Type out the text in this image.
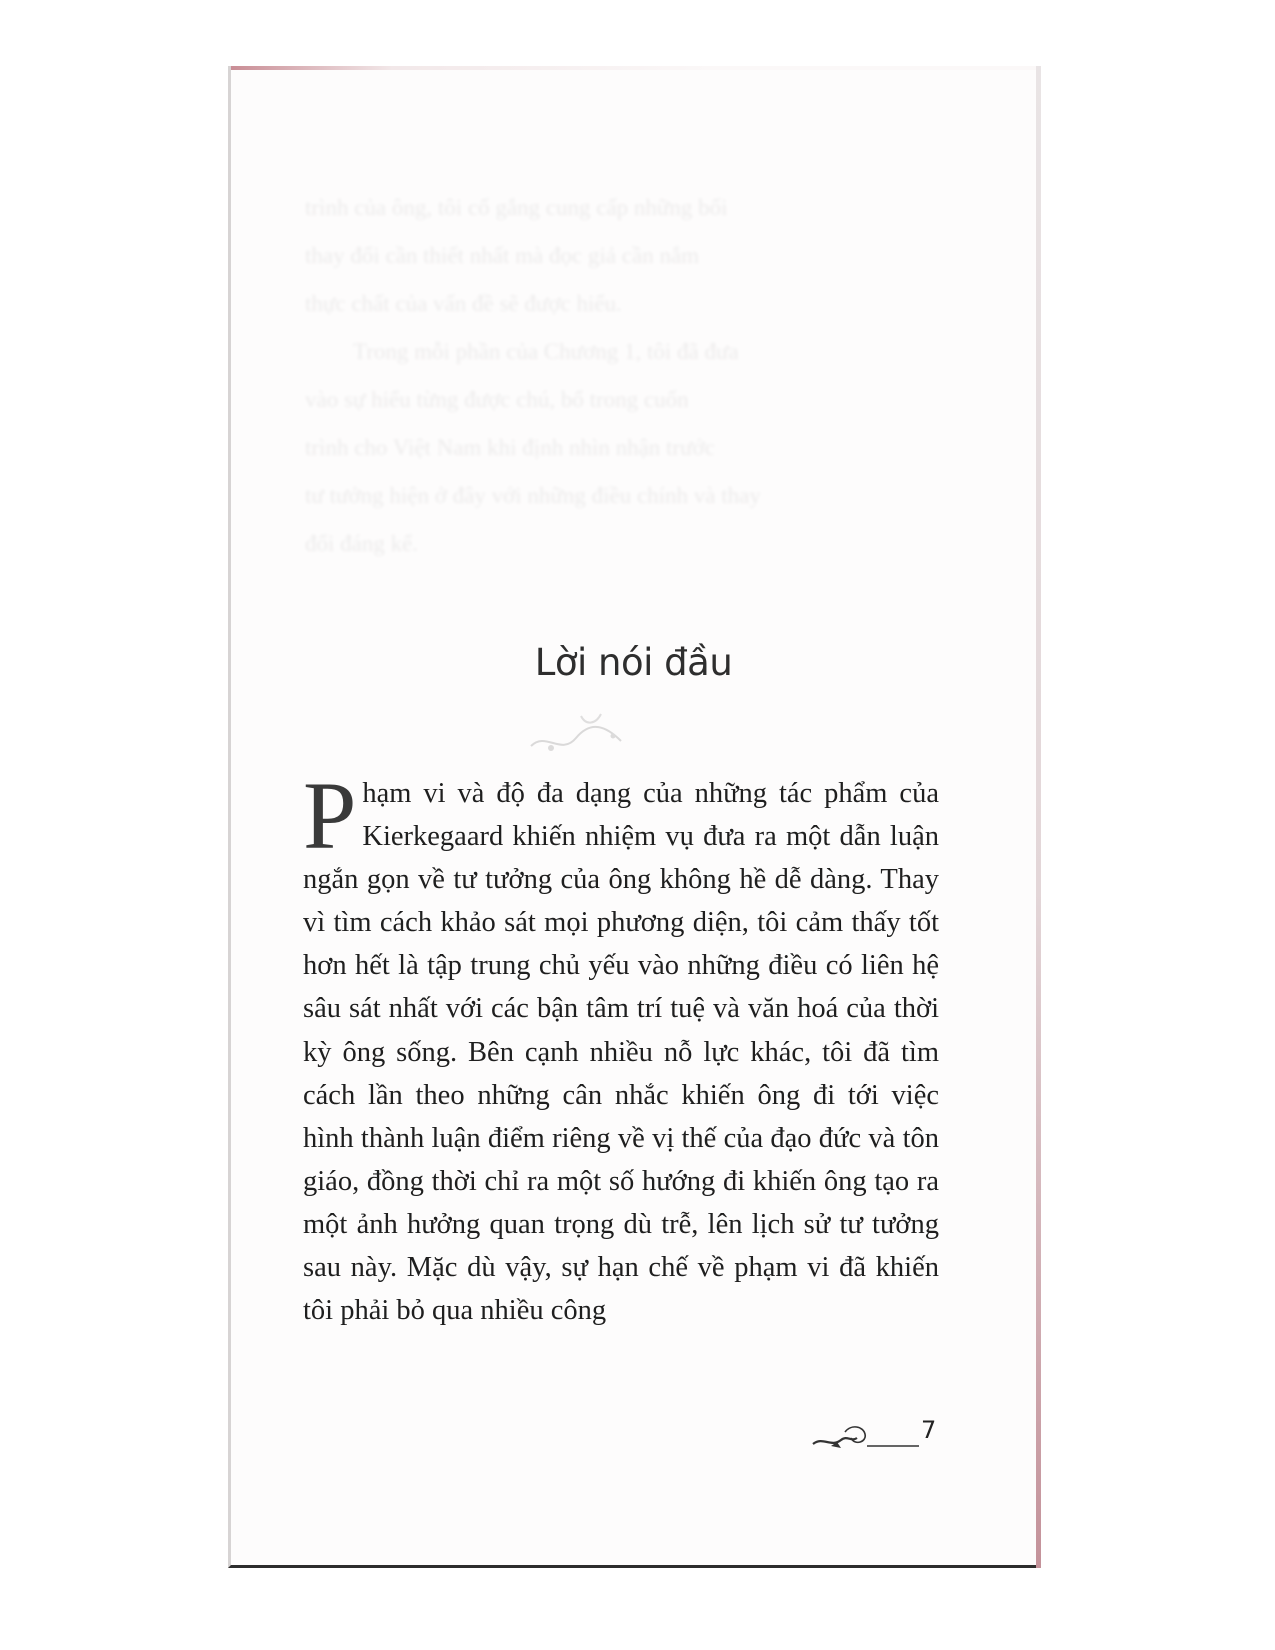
trình của ông, tôi cố gắng cung cấp những bối

thay đổi cần thiết nhất mà đọc giả cần nắm

thực chất của vấn đề sẽ được hiểu.

Trong mỗi phần của Chương 1, tôi đã đưa

vào sự hiểu từng được chú, bổ trong cuốn

trình cho Việt Nam khi định nhìn nhận trước

tư tưởng hiện ở đây với những điều chính và thay

đổi đáng kể.

Lời nói đầu

Phạm vi và độ đa dạng của những tác phẩm của Kierkegaard khiến nhiệm vụ đưa ra một dẫn luận ngắn gọn về tư tưởng của ông không hề dễ dàng. Thay vì tìm cách khảo sát mọi phương diện, tôi cảm thấy tốt hơn hết là tập trung chủ yếu vào những điều có liên hệ sâu sát nhất với các bận tâm trí tuệ và văn hoá của thời kỳ ông sống. Bên cạnh nhiều nỗ lực khác, tôi đã tìm cách lần theo những cân nhắc khiến ông đi tới việc hình thành luận điểm riêng về vị thế của đạo đức và tôn giáo, đồng thời chỉ ra một số hướng đi khiến ông tạo ra một ảnh hưởng quan trọng dù trễ, lên lịch sử tư tưởng sau này. Mặc dù vậy, sự hạn chế về phạm vi đã khiến tôi phải bỏ qua nhiều công

7
